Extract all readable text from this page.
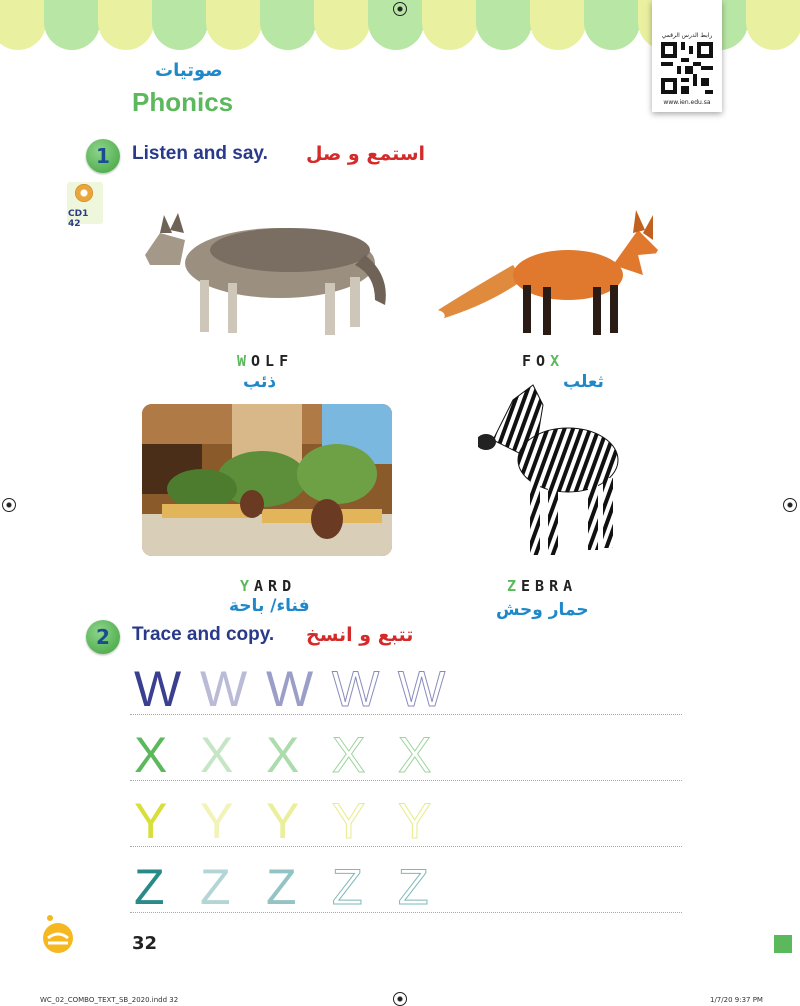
رابط الدرس الرقمي
www.ien.edu.sa
صوتيات
Phonics
1	Listen and say. استمع و صل
CD1 42
WOLF
ذئب
FOX
ثعلب
YARD
فناء/ باحة
ZEBRA
حمار وحش
2	Trace and copy. تتبع و انسخ
W W W W W
X X X X X
Y Y Y Y Y
Z Z Z Z Z
32
WC_02_COMBO_TEXT_SB_2020.indd 32	1/7/20 9:37 PM
